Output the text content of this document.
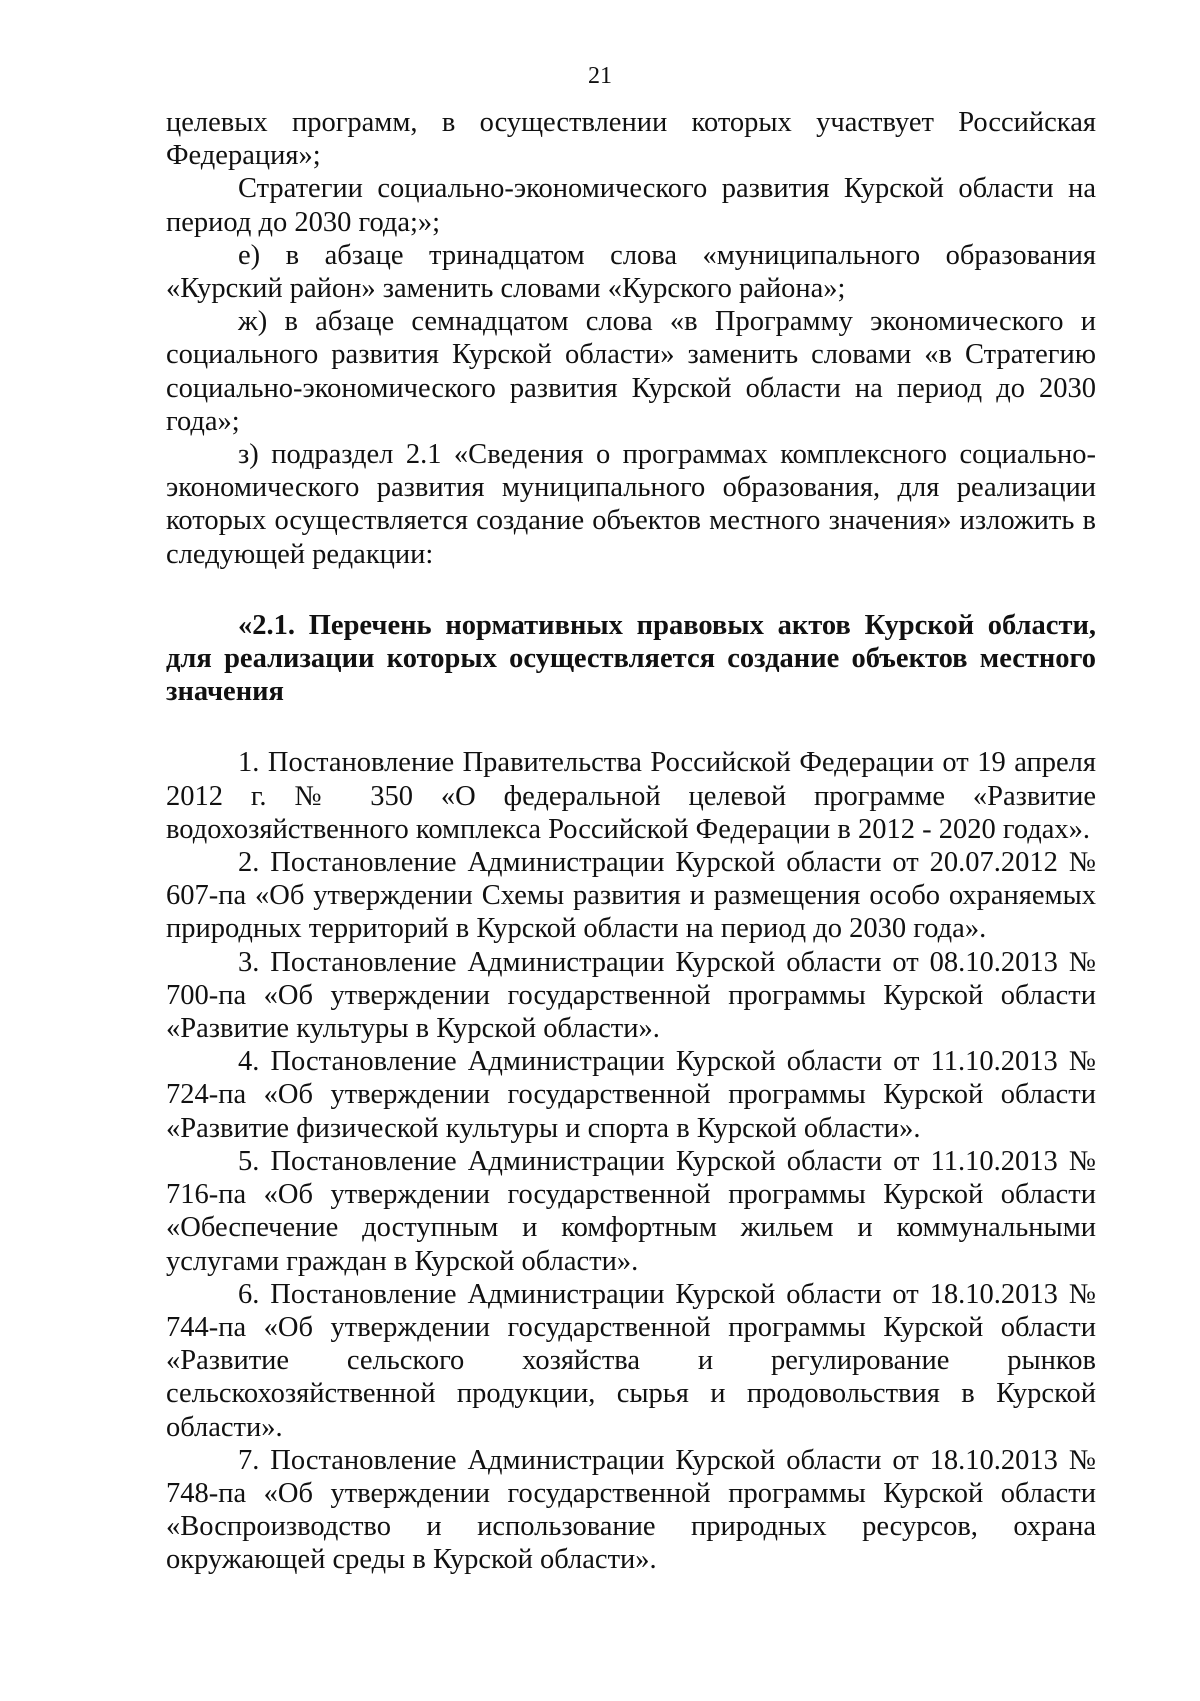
21

целевых программ, в осуществлении которых участвует Российская Федерация»;

Стратегии социально-экономического развития Курской области на период до 2030 года;»;

е) в абзаце тринадцатом слова «муниципального образования «Курский район» заменить словами «Курского района»;

ж) в абзаце семнадцатом слова «в Программу экономического и социального развития Курской области» заменить словами «в Стратегию социально-экономического развития Курской области на период до 2030 года»;

з) подраздел 2.1 «Сведения о программах комплексного социально-экономического развития муниципального образования, для реализации которых осуществляется создание объектов местного значения» изложить в следующей редакции:

«2.1. Перечень нормативных правовых актов Курской области, для реализации которых осуществляется создание объектов местного значения

1. Постановление Правительства Российской Федерации от 19 апреля 2012 г. № 350 «О федеральной целевой программе «Развитие водохозяйственного комплекса Российской Федерации в 2012 - 2020 годах».

2. Постановление Администрации Курской области от 20.07.2012 № 607-па «Об утверждении Схемы развития и размещения особо охраняемых природных территорий в Курской области на период до 2030 года».

3. Постановление Администрации Курской области от 08.10.2013 № 700-па «Об утверждении государственной программы Курской области «Развитие культуры в Курской области».

4. Постановление Администрации Курской области от 11.10.2013 № 724-па «Об утверждении государственной программы Курской области «Развитие физической культуры и спорта в Курской области».

5. Постановление Администрации Курской области от 11.10.2013 № 716-па «Об утверждении государственной программы Курской области «Обеспечение доступным и комфортным жильем и коммунальными услугами граждан в Курской области».

6. Постановление Администрации Курской области от 18.10.2013 № 744-па «Об утверждении государственной программы Курской области «Развитие сельского хозяйства и регулирование рынков сельскохозяйственной продукции, сырья и продовольствия в Курской области».

7. Постановление Администрации Курской области от 18.10.2013 № 748-па «Об утверждении государственной программы Курской области «Воспроизводство и использование природных ресурсов, охрана окружающей среды в Курской области».
